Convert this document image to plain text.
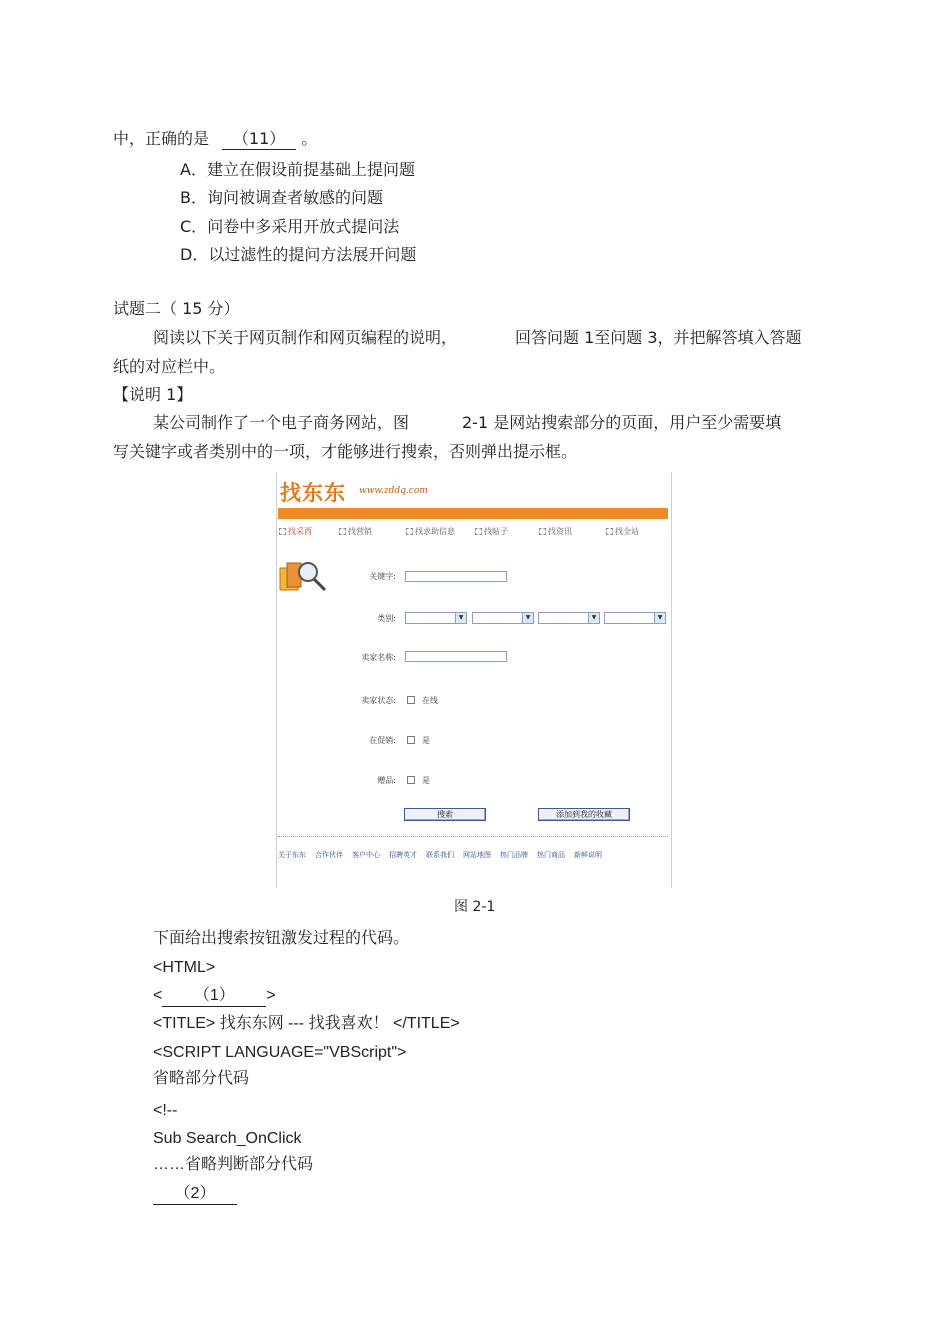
中，正确的是 （11） 。
A．建立在假设前提基础上提问题
B．询问被调查者敏感的问题
C．问卷中多采用开放式提问法
D．以过滤性的提问方法展开问题
试题二（ 15 分）
阅读以下关于网页制作和网页编程的说明，	回答问题 1至问题 3，并把解答填入答题
纸的对应栏中。
【说明 1】
某公司制作了一个电子商务网站，图	2-1 是网站搜索部分的页面，用户至少需要填
写关键字或者类别中的一项，才能够进行搜索，否则弹出提示框。
找东东 www.zddq.com
找采西	找营销	找求助信息	找帖子	找资讯	找全站
关键字:
类别:	▼	▼	▼	▼
卖家名称:
卖家状态:	在线
在促销:	是
赠品:	是
搜索	添加到我的收藏
关于东东 合作伙伴 客户中心 招聘英才 联系我们 网站地图 热门品牌 热门商品 新鲜说明
图 2-1
下面给出搜索按钮激发过程的代码。
<HTML>
< （1） >
<TITLE> 找东东网 --- 找我喜欢！ </TITLE>
<SCRIPT LANGUAGE="VBScript">
省略部分代码
<!--
Sub Search_OnClick
……省略判断部分代码
（2）
